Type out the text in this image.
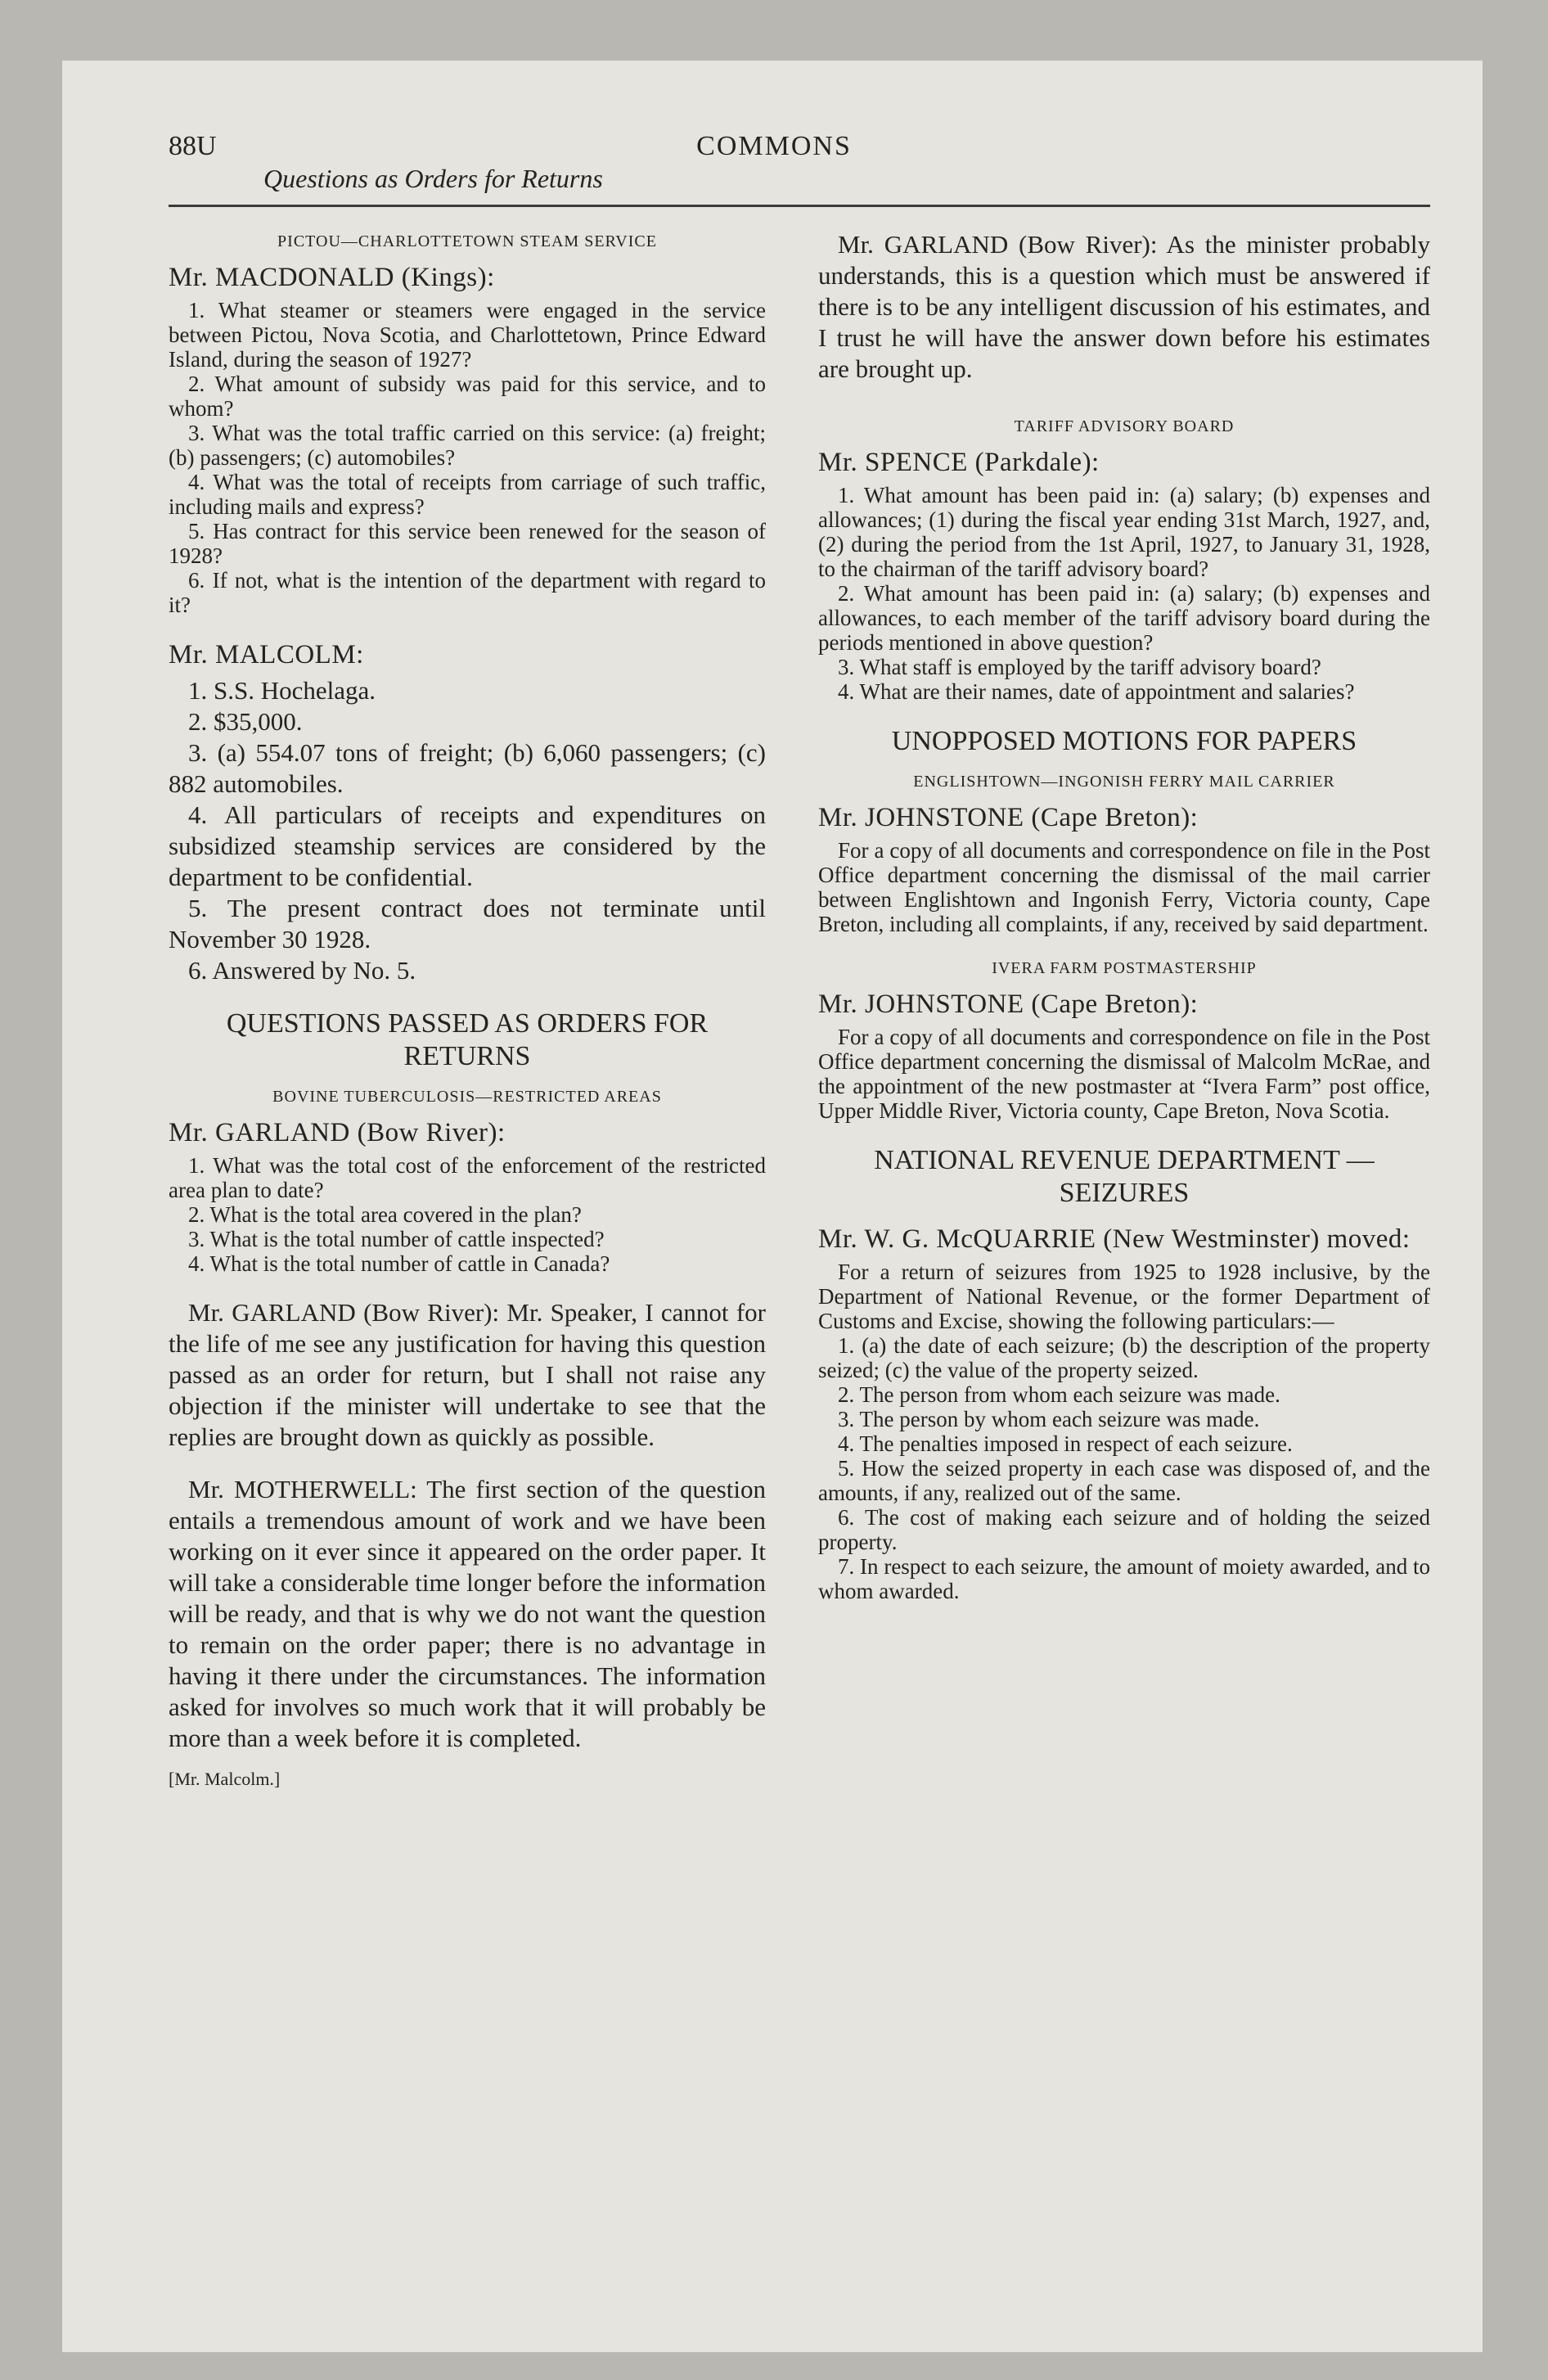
88U	COMMONS
Questions as Orders for Returns
PICTOU—CHARLOTTETOWN STEAM SERVICE
Mr. MACDONALD (Kings):

1. What steamer or steamers were engaged in the service between Pictou, Nova Scotia, and Charlottetown, Prince Edward Island, during the season of 1927?

2. What amount of subsidy was paid for this service, and to whom?

3. What was the total traffic carried on this service: (a) freight; (b) passengers; (c) automobiles?

4. What was the total of receipts from carriage of such traffic, including mails and express?

5. Has contract for this service been renewed for the season of 1928?

6. If not, what is the intention of the department with regard to it?

Mr. MALCOLM:

1. S.S. Hochelaga.

2. $35,000.

3. (a) 554.07 tons of freight; (b) 6,060 passengers; (c) 882 automobiles.

4. All particulars of receipts and expenditures on subsidized steamship services are considered by the department to be confidential.

5. The present contract does not terminate until November 30 1928.

6. Answered by No. 5.

QUESTIONS PASSED AS ORDERS FOR RETURNS
BOVINE TUBERCULOSIS—RESTRICTED AREAS
Mr. GARLAND (Bow River):

1. What was the total cost of the enforcement of the restricted area plan to date?

2. What is the total area covered in the plan?

3. What is the total number of cattle inspected?

4. What is the total number of cattle in Canada?

Mr. GARLAND (Bow River): Mr. Speaker, I cannot for the life of me see any justification for having this question passed as an order for return, but I shall not raise any objection if the minister will undertake to see that the replies are brought down as quickly as possible.

Mr. MOTHERWELL: The first section of the question entails a tremendous amount of work and we have been working on it ever since it appeared on the order paper. It will take a considerable time longer before the information will be ready, and that is why we do not want the question to remain on the order paper; there is no advantage in having it there under the circumstances. The information asked for involves so much work that it will probably be more than a week before it is completed.

[Mr. Malcolm.]

Mr. GARLAND (Bow River): As the minister probably understands, this is a question which must be answered if there is to be any intelligent discussion of his estimates, and I trust he will have the answer down before his estimates are brought up.

TARIFF ADVISORY BOARD
Mr. SPENCE (Parkdale):

1. What amount has been paid in: (a) salary; (b) expenses and allowances; (1) during the fiscal year ending 31st March, 1927, and, (2) during the period from the 1st April, 1927, to January 31, 1928, to the chairman of the tariff advisory board?

2. What amount has been paid in: (a) salary; (b) expenses and allowances, to each member of the tariff advisory board during the periods mentioned in above question?

3. What staff is employed by the tariff advisory board?

4. What are their names, date of appointment and salaries?

UNOPPOSED MOTIONS FOR PAPERS
ENGLISHTOWN—INGONISH FERRY MAIL CARRIER
Mr. JOHNSTONE (Cape Breton):

For a copy of all documents and correspondence on file in the Post Office department concerning the dismissal of the mail carrier between Englishtown and Ingonish Ferry, Victoria county, Cape Breton, including all complaints, if any, received by said department.

IVERA FARM POSTMASTERSHIP
Mr. JOHNSTONE (Cape Breton):

For a copy of all documents and correspondence on file in the Post Office department concerning the dismissal of Malcolm McRae, and the appointment of the new postmaster at “Ivera Farm” post office, Upper Middle River, Victoria county, Cape Breton, Nova Scotia.

NATIONAL REVENUE DEPARTMENT —SEIZURES
Mr. W. G. McQUARRIE (New Westminster) moved:

For a return of seizures from 1925 to 1928 inclusive, by the Department of National Revenue, or the former Department of Customs and Excise, showing the following particulars:—

1. (a) the date of each seizure; (b) the description of the property seized; (c) the value of the property seized.

2. The person from whom each seizure was made.

3. The person by whom each seizure was made.

4. The penalties imposed in respect of each seizure.

5. How the seized property in each case was disposed of, and the amounts, if any, realized out of the same.

6. The cost of making each seizure and of holding the seized property.

7. In respect to each seizure, the amount of moiety awarded, and to whom awarded.
